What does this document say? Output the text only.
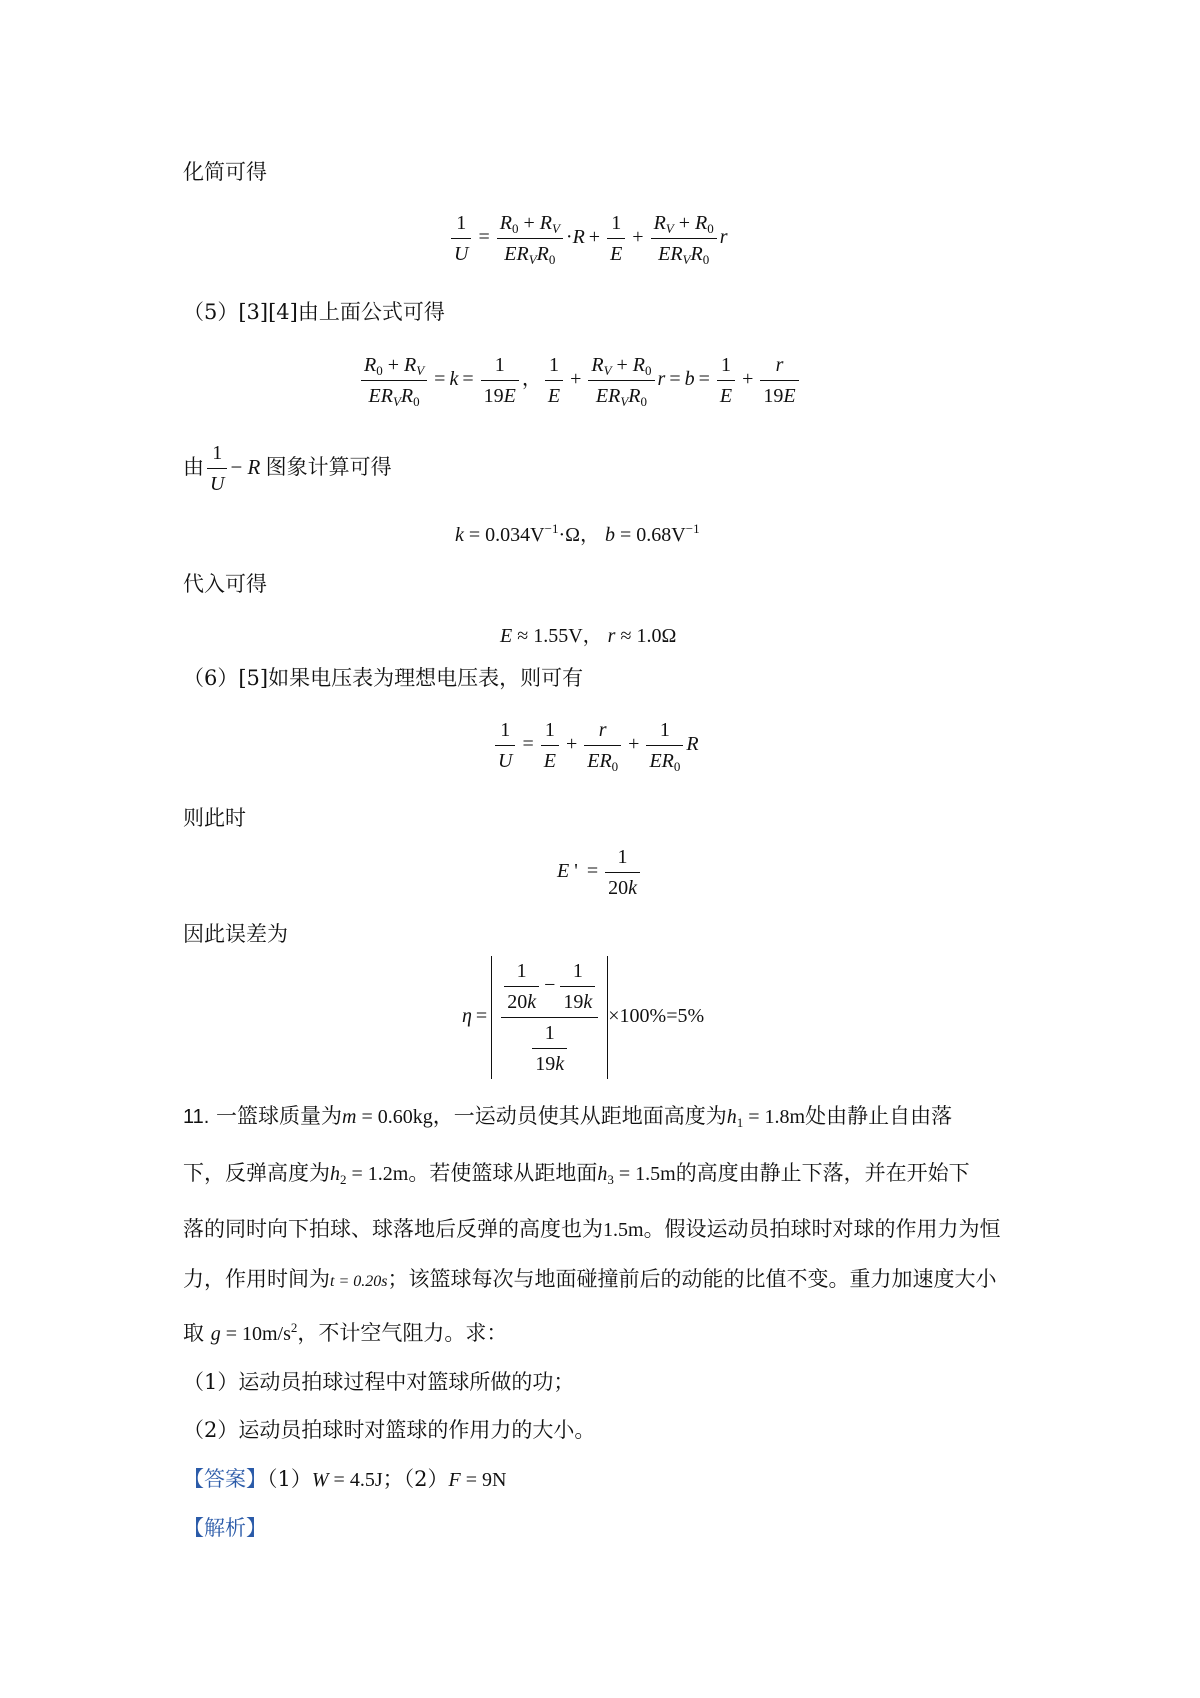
化简可得
$\frac{1}{U} = \frac{R_0 + R_V}{ER_VR_0} \cdot R + \frac{1}{E} + \frac{R_V + R_0}{ER_VR_0}$ r
（5）[3][4]由上面公式可得
$\frac{R_0 + R_V}{ER_VR_0} = k = \frac{1}{19E}$ ， $\frac{1}{E} + \frac{R_V + R_0}{ER_VR_0}$ $r = b = \frac{1}{E} + \frac{r}{19E}$
由 $\frac{1}{U} - R$ 图象计算可得
$k = 0.034V^{-1}\cdot\Omega$， $b = 0.68V^{-1}$
代入可得
E ≈ 1.55V， r ≈ 1.0Ω
（6）[5]如果电压表为理想电压表，则可有
$\frac{1}{U} = \frac{1}{E} + \frac{r}{ER_0} + \frac{1}{ER_0}$ R
则此时
E ' = $\frac{1}{20k}$
因此误差为
$\eta = \frac{\frac{1}{20k} - \frac{1}{19k}}{\frac{1}{19k}} \times 100\%=5\%$
11. 一篮球质量为m = 0.60kg，一运动员使其从距地面高度为$h_1 = 1.8m$处由静止自由落
下，反弹高度为$h_2 = 1.2m$。若使篮球从距地面$h_3 = 1.5m$的高度由静止下落，并在开始下
落的同时向下拍球、球落地后反弹的高度也为1.5m。假设运动员拍球时对球的作用力为恒
力，作用时间为t = 0.20s；该篮球每次与地面碰撞前后的动能的比值不变。重力加速度大小
取 $g = 10m/s^2$，不计空气阻力。求：
（1）运动员拍球过程中对篮球所做的功；
（2）运动员拍球时对篮球的作用力的大小。
【答案】（1）W = 4.5J；（2）F = 9N
【解析】
